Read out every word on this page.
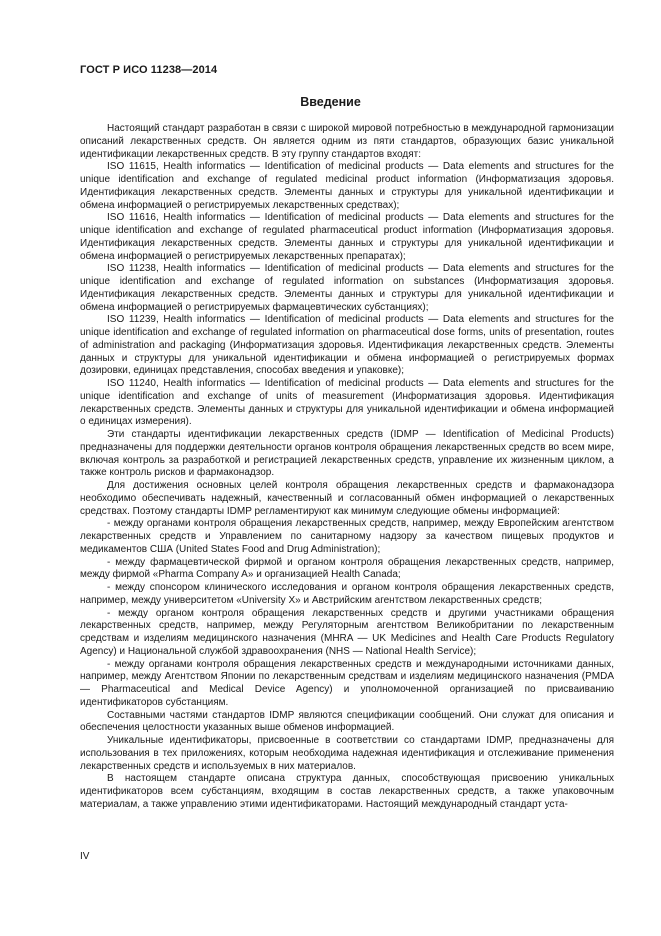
ГОСТ Р ИСО 11238—2014
Введение

Настоящий стандарт разработан в связи с широкой мировой потребностью в международной гармонизации описаний лекарственных средств. Он является одним из пяти стандартов, образующих базис уникальной идентификации лекарственных средств. В эту группу стандартов входят:

ISO 11615, Health informatics — Identification of medicinal products — Data elements and structures for the unique identification and exchange of regulated medicinal product information (Информатизация здоровья. Идентификация лекарственных средств. Элементы данных и структуры для уникальной идентификации и обмена информацией о регистрируемых лекарственных средствах);

ISO 11616, Health informatics — Identification of medicinal products — Data elements and structures for the unique identification and exchange of regulated pharmaceutical product information (Информатизация здоровья. Идентификация лекарственных средств. Элементы данных и структуры для уникальной идентификации и обмена информацией о регистрируемых лекарственных препаратах);

ISO 11238, Health informatics — Identification of medicinal products — Data elements and structures for the unique identification and exchange of regulated information on substances (Информатизация здоровья. Идентификация лекарственных средств. Элементы данных и структуры для уникальной идентификации и обмена информацией о регистрируемых фармацевтических субстанциях);

ISO 11239, Health informatics — Identification of medicinal products — Data elements and structures for the unique identification and exchange of regulated information on pharmaceutical dose forms, units of presentation, routes of administration and packaging (Информатизация здоровья. Идентификация лекарственных средств. Элементы данных и структуры для уникальной идентификации и обмена информацией о регистрируемых формах дозировки, единицах представления, способах введения и упаковке);

ISO 11240, Health informatics — Identification of medicinal products — Data elements and structures for the unique identification and exchange of units of measurement (Информатизация здоровья. Идентификация лекарственных средств. Элементы данных и структуры для уникальной идентификации и обмена информацией о единицах измерения).

Эти стандарты идентификации лекарственных средств (IDMP — Identification of Medicinal Products) предназначены для поддержки деятельности органов контроля обращения лекарственных средств во всем мире, включая контроль за разработкой и регистрацией лекарственных средств, управление их жизненным циклом, а также контроль рисков и фармаконадзор.

Для достижения основных целей контроля обращения лекарственных средств и фармаконадзора необходимо обеспечивать надежный, качественный и согласованный обмен информацией о лекарственных средствах. Поэтому стандарты IDMP регламентируют как минимум следующие обмены информацией:

- между органами контроля обращения лекарственных средств, например, между Европейским агентством лекарственных средств и Управлением по санитарному надзору за качеством пищевых продуктов и медикаментов США (United States Food and Drug Administration);

- между фармацевтической фирмой и органом контроля обращения лекарственных средств, например, между фирмой «Pharma Company A» и организацией Health Canada;

- между спонсором клинического исследования и органом контроля обращения лекарственных средств, например, между университетом «University X» и Австрийским агентством лекарственных средств;

- между органом контроля обращения лекарственных средств и другими участниками обращения лекарственных средств, например, между Регуляторным агентством Великобритании по лекарственным средствам и изделиям медицинского назначения (MHRA — UK Medicines and Health Care Products Regulatory Agency) и Национальной службой здравоохранения (NHS — National Health Service);

- между органами контроля обращения лекарственных средств и международными источниками данных, например, между Агентством Японии по лекарственным средствам и изделиям медицинского назначения (PMDA — Pharmaceutical and Medical Device Agency) и уполномоченной организацией по присваиванию идентификаторов субстанциям.

Составными частями стандартов IDMP являются спецификации сообщений. Они служат для описания и обеспечения целостности указанных выше обменов информацией.

Уникальные идентификаторы, присвоенные в соответствии со стандартами IDMP, предназначены для использования в тех приложениях, которым необходима надежная идентификация и отслеживание применения лекарственных средств и используемых в них материалов.

В настоящем стандарте описана структура данных, способствующая присвоению уникальных идентификаторов всем субстанциям, входящим в состав лекарственных средств, а также упаковочным материалам, а также управлению этими идентификаторами. Настоящий международный стандарт уста-

IV
